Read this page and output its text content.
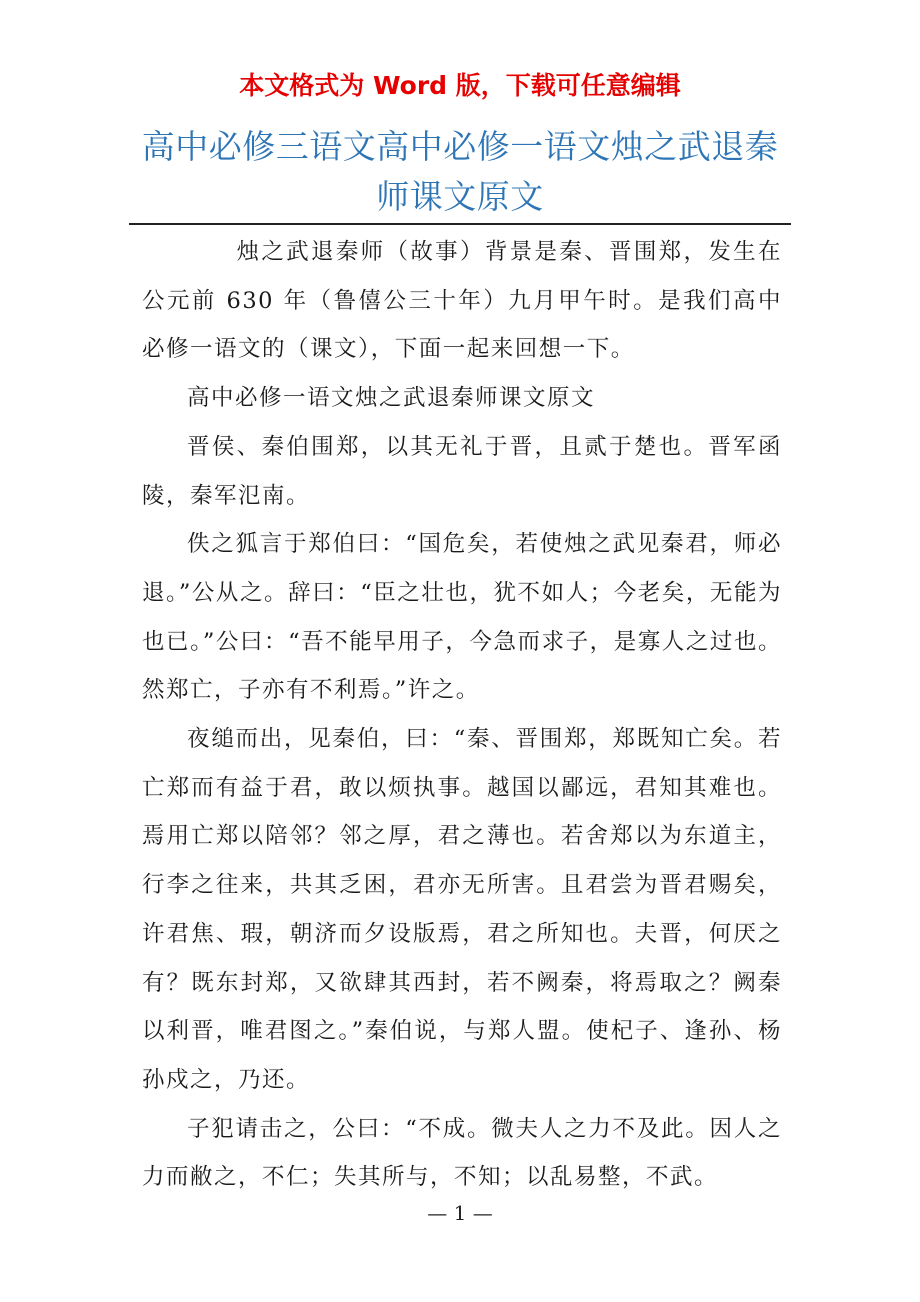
本文格式为 Word 版，下载可任意编辑
高中必修三语文高中必修一语文烛之武退秦师课文原文

烛之武退秦师（故事）背景是秦、晋围郑，发生在公元前 630 年（鲁僖公三十年）九月甲午时。是我们高中必修一语文的（课文），下面一起来回想一下。

高中必修一语文烛之武退秦师课文原文

晋侯、秦伯围郑，以其无礼于晋，且贰于楚也。晋军函陵，秦军氾南。

佚之狐言于郑伯曰：“国危矣，若使烛之武见秦君，师必退。”公从之。辞曰：“臣之壮也，犹不如人；今老矣，无能为也已。”公曰：“吾不能早用子，今急而求子，是寡人之过也。然郑亡，子亦有不利焉。”许之。

夜缒而出，见秦伯，曰：“秦、晋围郑，郑既知亡矣。若亡郑而有益于君，敢以烦执事。越国以鄙远，君知其难也。焉用亡郑以陪邻？邻之厚，君之薄也。若舍郑以为东道主，行李之往来，共其乏困，君亦无所害。且君尝为晋君赐矣，许君焦、瑕，朝济而夕设版焉，君之所知也。夫晋，何厌之有？既东封郑，又欲肆其西封，若不阙秦，将焉取之？阙秦以利晋，唯君图之。”秦伯说，与郑人盟。使杞子、逢孙、杨孙戍之，乃还。

子犯请击之，公曰：“不成。微夫人之力不及此。因人之力而敝之，不仁；失其所与，不知；以乱易整，不武。

— 1 —
